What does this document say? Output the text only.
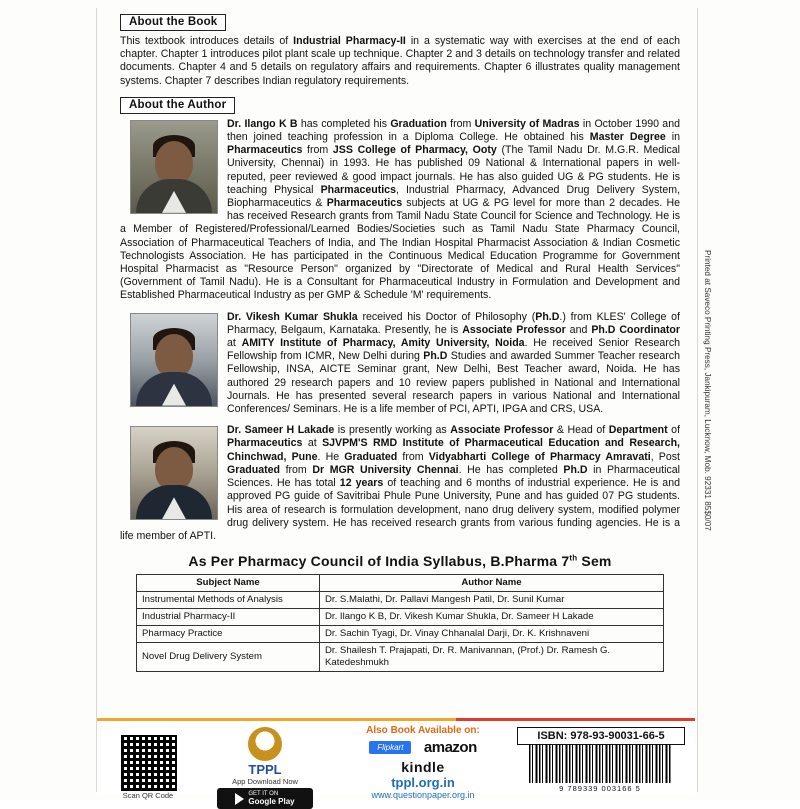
Printed at Saveco Printing Press, Jankipuram, Lucknow, Mob. 92331 85$0/07
About the Book

This textbook introduces details of Industrial Pharmacy-II in a systematic way with exercises at the end of each chapter. Chapter 1 introduces pilot plant scale up technique. Chapter 2 and 3 details on technology transfer and related documents. Chapter 4 and 5 details on regulatory affairs and requirements. Chapter 6 illustrates quality management systems. Chapter 7 describes Indian regulatory requirements.

About the Author

Dr. Ilango K B has completed his Graduation from University of Madras in October 1990 and then joined teaching profession in a Diploma College. He obtained his Master Degree in Pharmaceutics from JSS College of Pharmacy, Ooty (The Tamil Nadu Dr. M.G.R. Medical University, Chennai) in 1993. He has published 09 National & International papers in well-reputed, peer reviewed & good impact journals. He has also guided UG & PG students. He is teaching Physical Pharmaceutics, Industrial Pharmacy, Advanced Drug Delivery System, Biopharmaceutics & Pharmaceutics subjects at UG & PG level for more than 2 decades. He has received Research grants from Tamil Nadu State Council for Science and Technology. He is a Member of Registered/Professional/Learned Bodies/Societies such as Tamil Nadu State Pharmacy Council, Association of Pharmaceutical Teachers of India, and The Indian Hospital Pharmacist Association & Indian Cosmetic Technologists Association. He has participated in the Continuous Medical Education Programme for Government Hospital Pharmacist as "Resource Person" organized by "Directorate of Medical and Rural Health Services" (Government of Tamil Nadu). He is a Consultant for Pharmaceutical Industry in Formulation and Development and Established Pharmaceutical Industry as per GMP & Schedule 'M' requirements.

Dr. Vikesh Kumar Shukla received his Doctor of Philosophy (Ph.D.) from KLES' College of Pharmacy, Belgaum, Karnataka. Presently, he is Associate Professor and Ph.D Coordinator at AMITY Institute of Pharmacy, Amity University, Noida. He received Senior Research Fellowship from ICMR, New Delhi during Ph.D Studies and awarded Summer Teacher research Fellowship, INSA, AICTE Seminar grant, New Delhi, Best Teacher award, Noida. He has authored 29 research papers and 10 review papers published in National and International Journals. He has presented several research papers in various National and International Conferences/ Seminars. He is a life member of PCI, APTI, IPGA and CRS, USA.

Dr. Sameer H Lakade is presently working as Associate Professor & Head of Department of Pharmaceutics at SJVPM'S RMD Institute of Pharmaceutical Education and Research, Chinchwad, Pune. He Graduated from Vidyabharti College of Pharmacy Amravati, Post Graduated from Dr MGR University Chennai. He has completed Ph.D in Pharmaceutical Sciences. He has total 12 years of teaching and 6 months of industrial experience. He is and approved PG guide of Savitribai Phule Pune University, Pune and has guided 07 PG students. His area of research is formulation development, nano drug delivery system, modified polymer drug delivery system. He has received research grants from various funding agencies. He is a life member of APTI.

As Per Pharmacy Council of India Syllabus, B.Pharma 7th Sem
Subject Name	Author Name
Instrumental Methods of Analysis	Dr. S.Malathi, Dr. Pallavi Mangesh Patil, Dr. Sunil Kumar
Industrial Pharmacy-II	Dr. Ilango K B, Dr. Vikesh Kumar Shukla, Dr. Sameer H Lakade
Pharmacy Practice	Dr. Sachin Tyagi, Dr. Vinay Chhanalal Darji, Dr. K. Krishnaveni
Novel Drug Delivery System	Dr. Shailesh T. Prajapati, Dr. R. Manivannan, (Prof.) Dr. Ramesh G. Katedeshmukh
Scan QR Code
TPPL
App Download Now
GET IT ON
Google Play
Also Book Available on:
Flipkart amazon
kindle
tppl.org.in
www.questionpaper.org.in
ISBN: 978-93-90031-66-5
9 789339 003166 5
